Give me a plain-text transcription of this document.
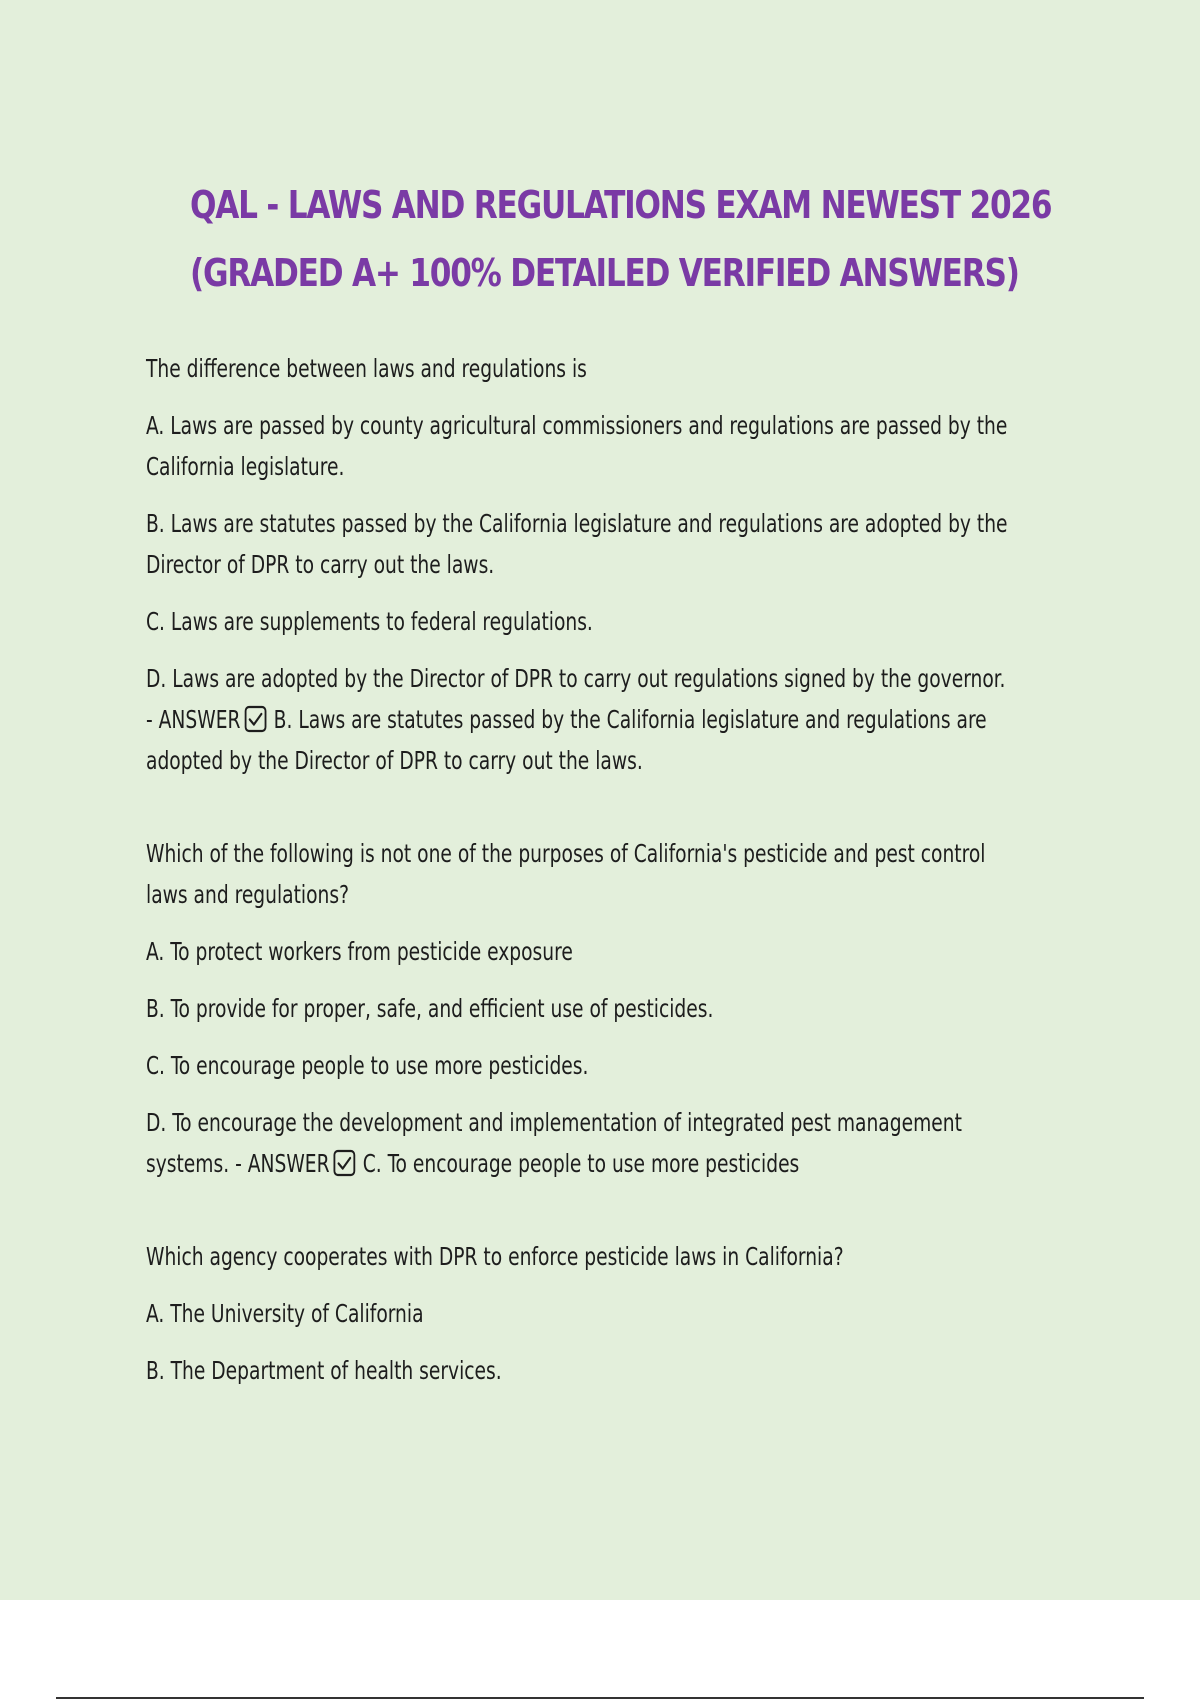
QAL - LAWS AND REGULATIONS EXAM NEWEST 2026
(GRADED A+ 100% DETAILED VERIFIED ANSWERS)

The difference between laws and regulations is

A. Laws are passed by county agricultural commissioners and regulations are passed by the California legislature.

B. Laws are statutes passed by the California legislature and regulations are adopted by the Director of DPR to carry out the laws.

C. Laws are supplements to federal regulations.

D. Laws are adopted by the Director of DPR to carry out regulations signed by the governor.
- ANSWER B. Laws are statutes passed by the California legislature and regulations are adopted by the Director of DPR to carry out the laws.

Which of the following is not one of the purposes of California's pesticide and pest control laws and regulations?

A. To protect workers from pesticide exposure

B. To provide for proper, safe, and efficient use of pesticides.

C. To encourage people to use more pesticides.

D. To encourage the development and implementation of integrated pest management systems. - ANSWER C. To encourage people to use more pesticides

Which agency cooperates with DPR to enforce pesticide laws in California?

A. The University of California

B. The Department of health services.
